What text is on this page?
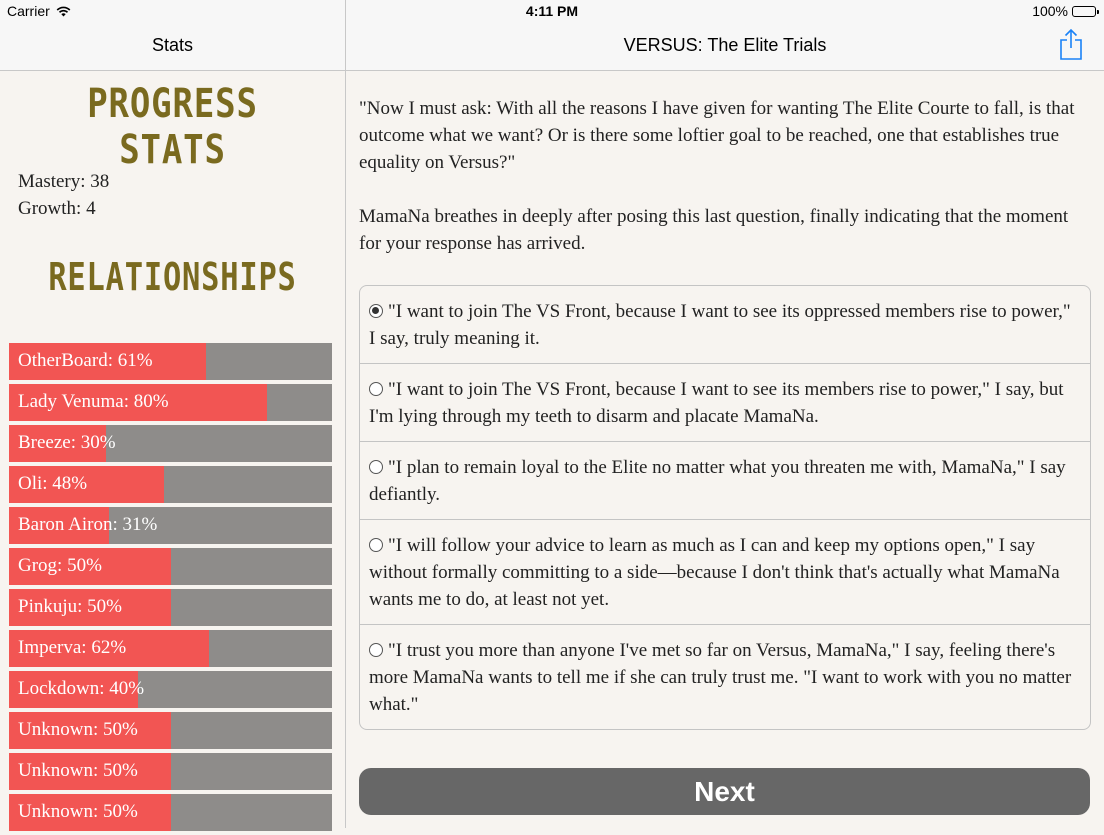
Carrier	4:11 PM	100%
Stats	VERSUS: The Elite Trials
PROGRESS STATS
Mastery: 38
Growth: 4
RELATIONSHIPS
OtherBoard: 61%
Lady Venuma: 80%
Breeze: 30%
Oli: 48%
Baron Airon: 31%
Grog: 50%
Pinkuju: 50%
Imperva: 62%
Lockdown: 40%
Unknown: 50%
Unknown: 50%
Unknown: 50%
"Now I must ask: With all the reasons I have given for wanting The Elite Courte to fall, is that outcome what we want? Or is there some loftier goal to be reached, one that establishes true equality on Versus?"
MamaNa breathes in deeply after posing this last question, finally indicating that the moment for your response has arrived.
"I want to join The VS Front, because I want to see its oppressed members rise to power," I say, truly meaning it.
"I want to join The VS Front, because I want to see its members rise to power," I say, but I'm lying through my teeth to disarm and placate MamaNa.
"I plan to remain loyal to the Elite no matter what you threaten me with, MamaNa," I say defiantly.
"I will follow your advice to learn as much as I can and keep my options open," I say without formally committing to a side—because I don't think that's actually what MamaNa wants me to do, at least not yet.
"I trust you more than anyone I've met so far on Versus, MamaNa," I say, feeling there's more MamaNa wants to tell me if she can truly trust me. "I want to work with you no matter what."
Next
